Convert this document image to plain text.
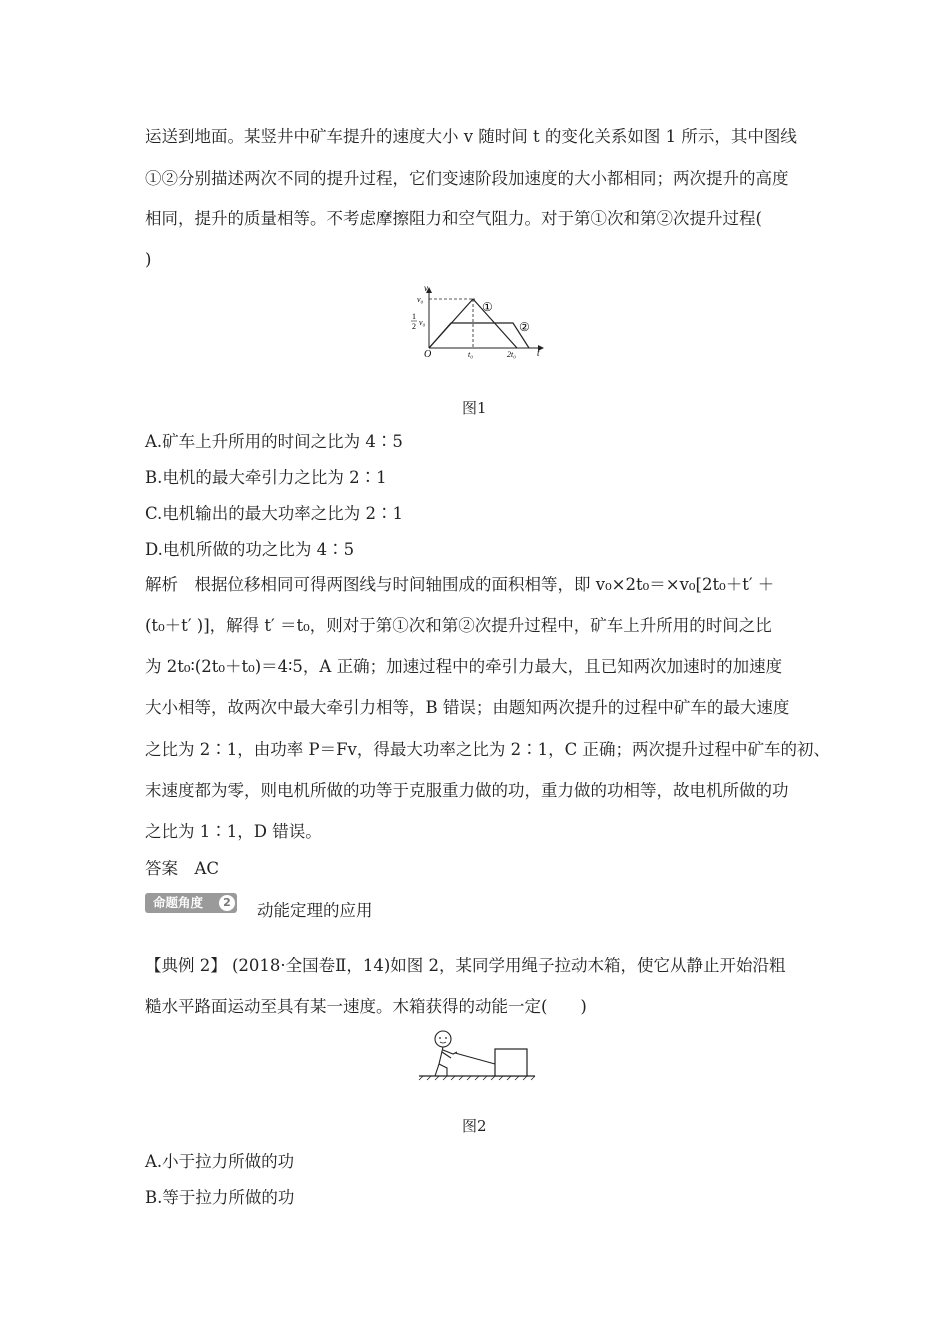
运送到地面。某竖井中矿车提升的速度大小 v 随时间 t 的变化关系如图 1 所示，其中图线
①②分别描述两次不同的提升过程，它们变速阶段加速度的大小都相同；两次提升的高度
相同，提升的质量相等。不考虑摩擦阻力和空气阻力。对于第①次和第②次提升过程(
)
v
v₀
1
2 v₀
O	t₀	2t₀ t
①
②
图1
A.矿车上升所用的时间之比为 4∶5
B.电机的最大牵引力之比为 2∶1
C.电机输出的最大功率之比为 2∶1
D.电机所做的功之比为 4∶5
解析　根据位移相同可得两图线与时间轴围成的面积相等，即 v₀×2t₀＝×v₀[2t₀＋t′ ＋
(t₀＋t′ )]，解得 t′ ＝t₀，则对于第①次和第②次提升过程中，矿车上升所用的时间之比
为 2t₀∶(2t₀＋t₀)＝4∶5，A 正确；加速过程中的牵引力最大，且已知两次加速时的加速度
大小相等，故两次中最大牵引力相等，B 错误；由题知两次提升的过程中矿车的最大速度
之比为 2∶1，由功率 P＝Fv，得最大功率之比为 2∶1，C 正确；两次提升过程中矿车的初、
末速度都为零，则电机所做的功等于克服重力做的功，重力做的功相等，故电机所做的功
之比为 1∶1，D 错误。
答案　AC
命题角度	2 动能定理的应用
【典例 2】 (2018·全国卷Ⅱ，14)如图 2，某同学用绳子拉动木箱，使它从静止开始沿粗
糙水平路面运动至具有某一速度。木箱获得的动能一定(　　)
图2
A.小于拉力所做的功
B.等于拉力所做的功
